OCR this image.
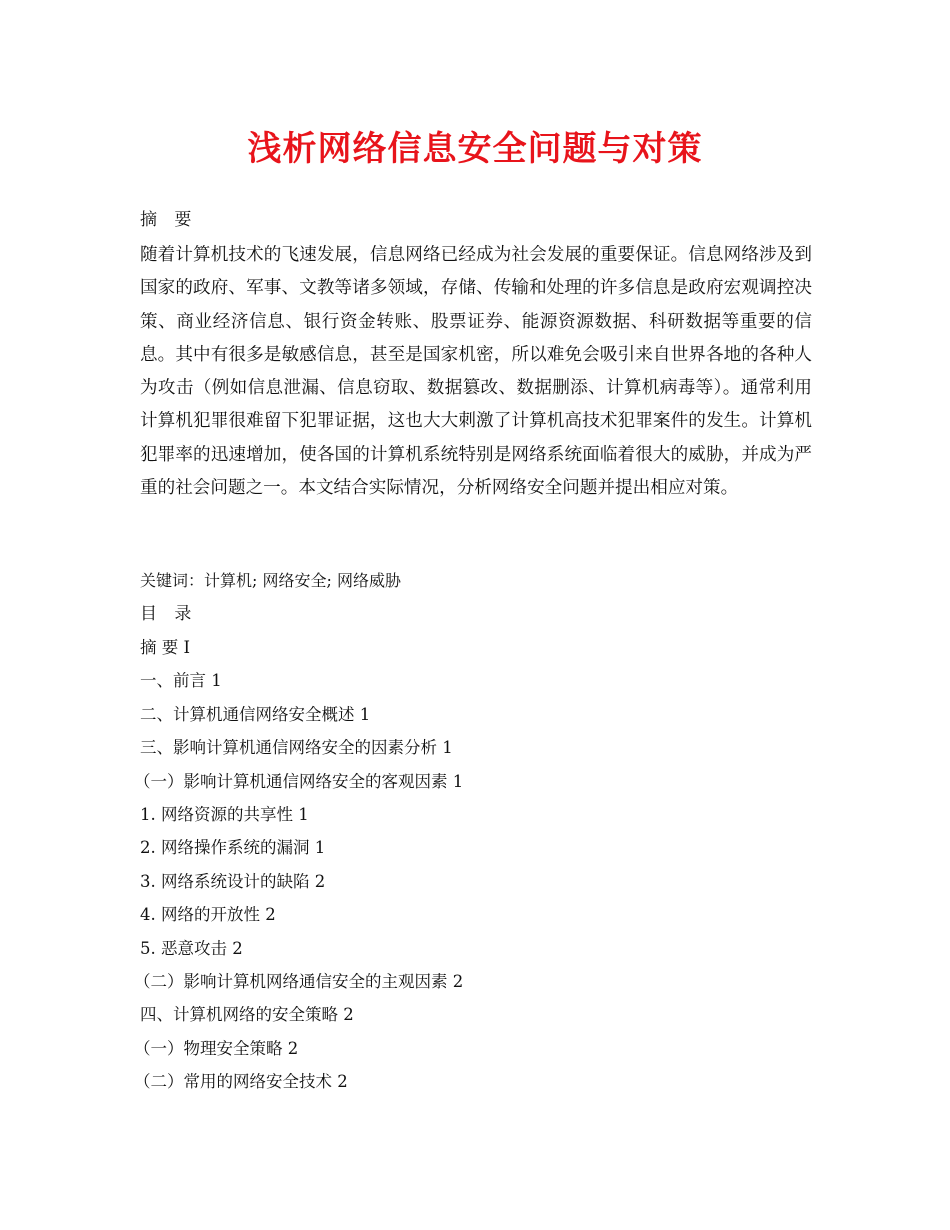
浅析网络信息安全问题与对策
摘 要
随着计算机技术的飞速发展，信息网络已经成为社会发展的重要保证。信息网络涉及到国家的政府、军事、文教等诸多领域，存储、传输和处理的许多信息是政府宏观调控决策、商业经济信息、银行资金转账、股票证券、能源资源数据、科研数据等重要的信息。其中有很多是敏感信息，甚至是国家机密，所以难免会吸引来自世界各地的各种人为攻击（例如信息泄漏、信息窃取、数据篡改、数据删添、计算机病毒等）。通常利用计算机犯罪很难留下犯罪证据，这也大大刺激了计算机高技术犯罪案件的发生。计算机犯罪率的迅速增加，使各国的计算机系统特别是网络系统面临着很大的威胁，并成为严重的社会问题之一。本文结合实际情况，分析网络安全问题并提出相应对策。
关键词：计算机; 网络安全; 网络威胁
目 录
摘 要 I
一、前言 1
二、计算机通信网络安全概述 1
三、影响计算机通信网络安全的因素分析 1
（一）影响计算机通信网络安全的客观因素 1
1. 网络资源的共享性 1
2. 网络操作系统的漏洞 1
3. 网络系统设计的缺陷 2
4. 网络的开放性 2
5. 恶意攻击 2
（二）影响计算机网络通信安全的主观因素 2
四、计算机网络的安全策略 2
（一）物理安全策略 2
（二）常用的网络安全技术 2
